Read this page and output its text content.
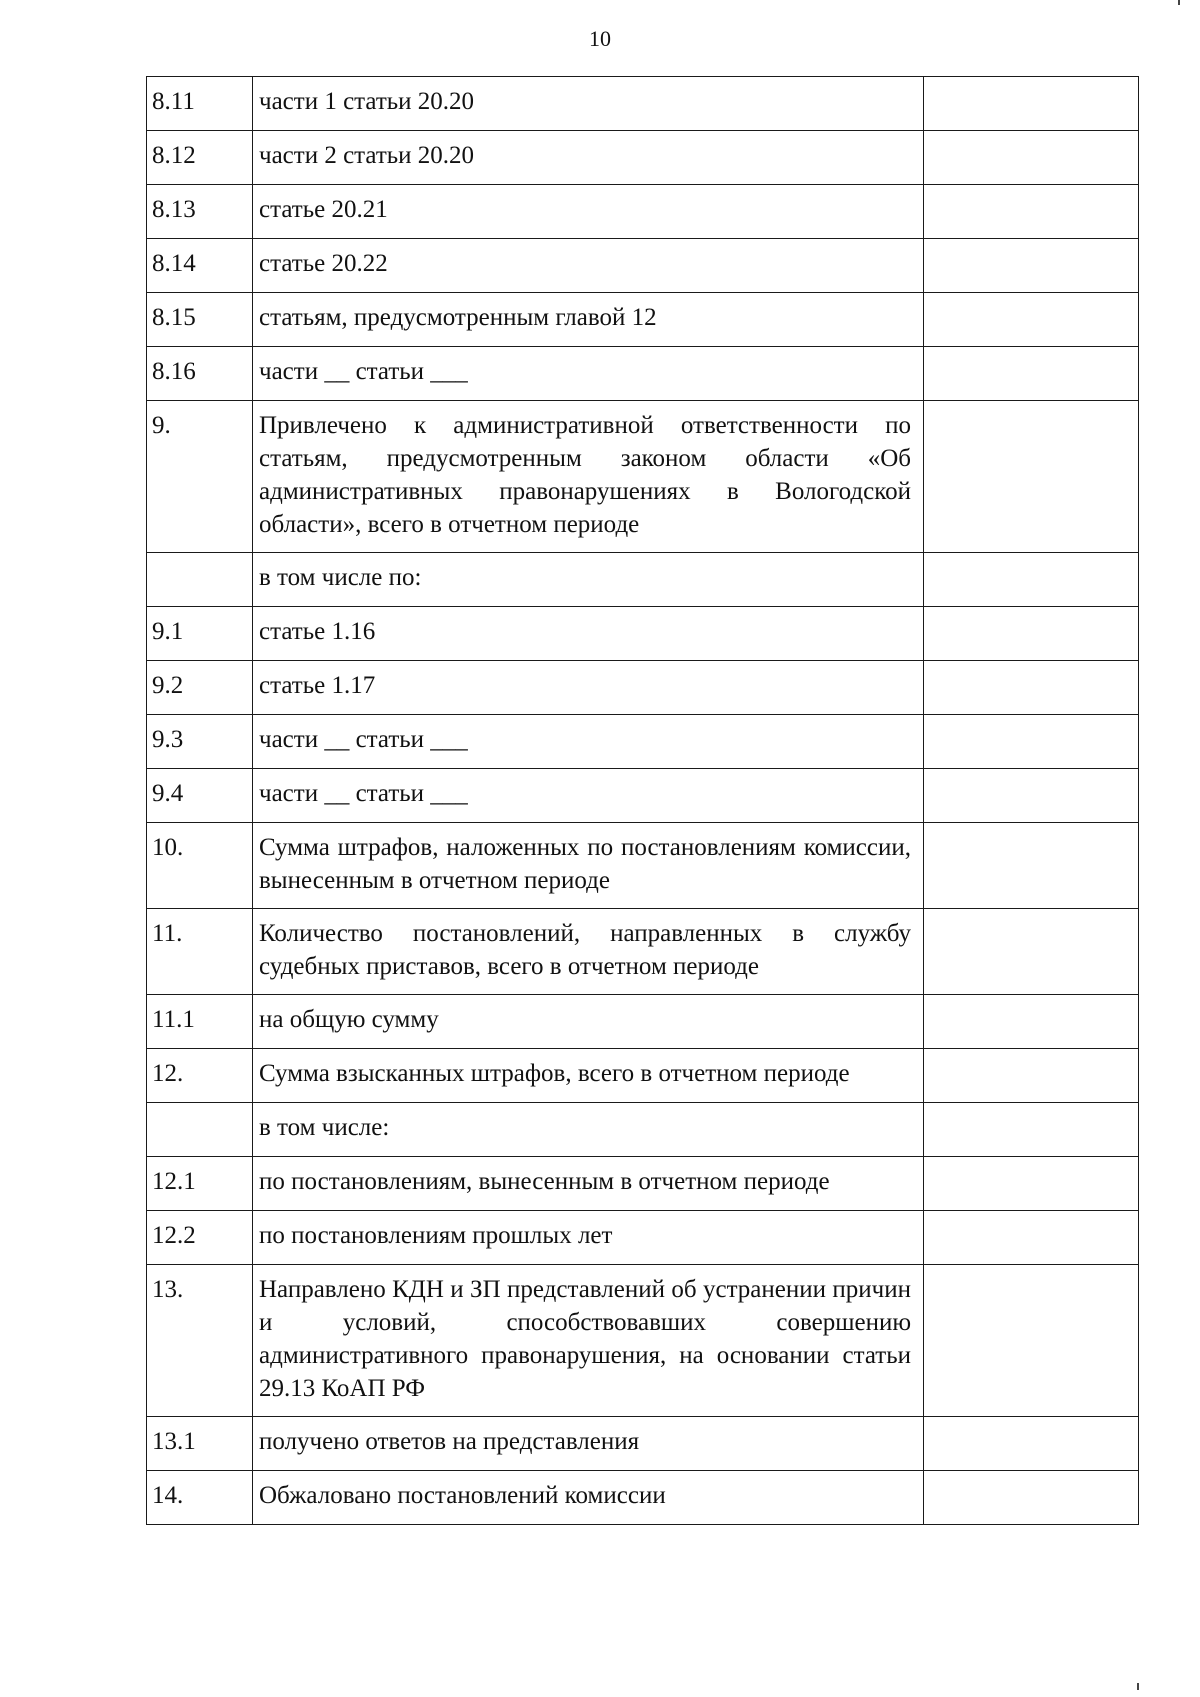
10
8.11	части 1 статьи 20.20	
8.12	части 2 статьи 20.20	
8.13	статье 20.21	
8.14	статье 20.22	
8.15	статьям, предусмотренным главой 12	
8.16	части __ статьи ___	
9.	Привлечено к административной ответственности по статьям, предусмотренным законом области «Об административных правонарушениях в Вологодской области», всего в отчетном периоде	
	в том числе по:	
9.1	статье 1.16	
9.2	статье 1.17	
9.3	части __ статьи ___	
9.4	части __ статьи ___	
10.	Сумма штрафов, наложенных по постановлениям комиссии, вынесенным в отчетном периоде	
11.	Количество постановлений, направленных в службу судебных приставов, всего в отчетном периоде	
11.1	на общую сумму	
12.	Сумма взысканных штрафов, всего в отчетном периоде	
	в том числе:	
12.1	по постановлениям, вынесенным в отчетном периоде	
12.2	по постановлениям прошлых лет	
13.	Направлено КДН и ЗП представлений об устранении причин и условий, способствовавших совершению административного правонарушения, на основании статьи 29.13 КоАП РФ	
13.1	получено ответов на представления	
14.	Обжаловано постановлений комиссии	
